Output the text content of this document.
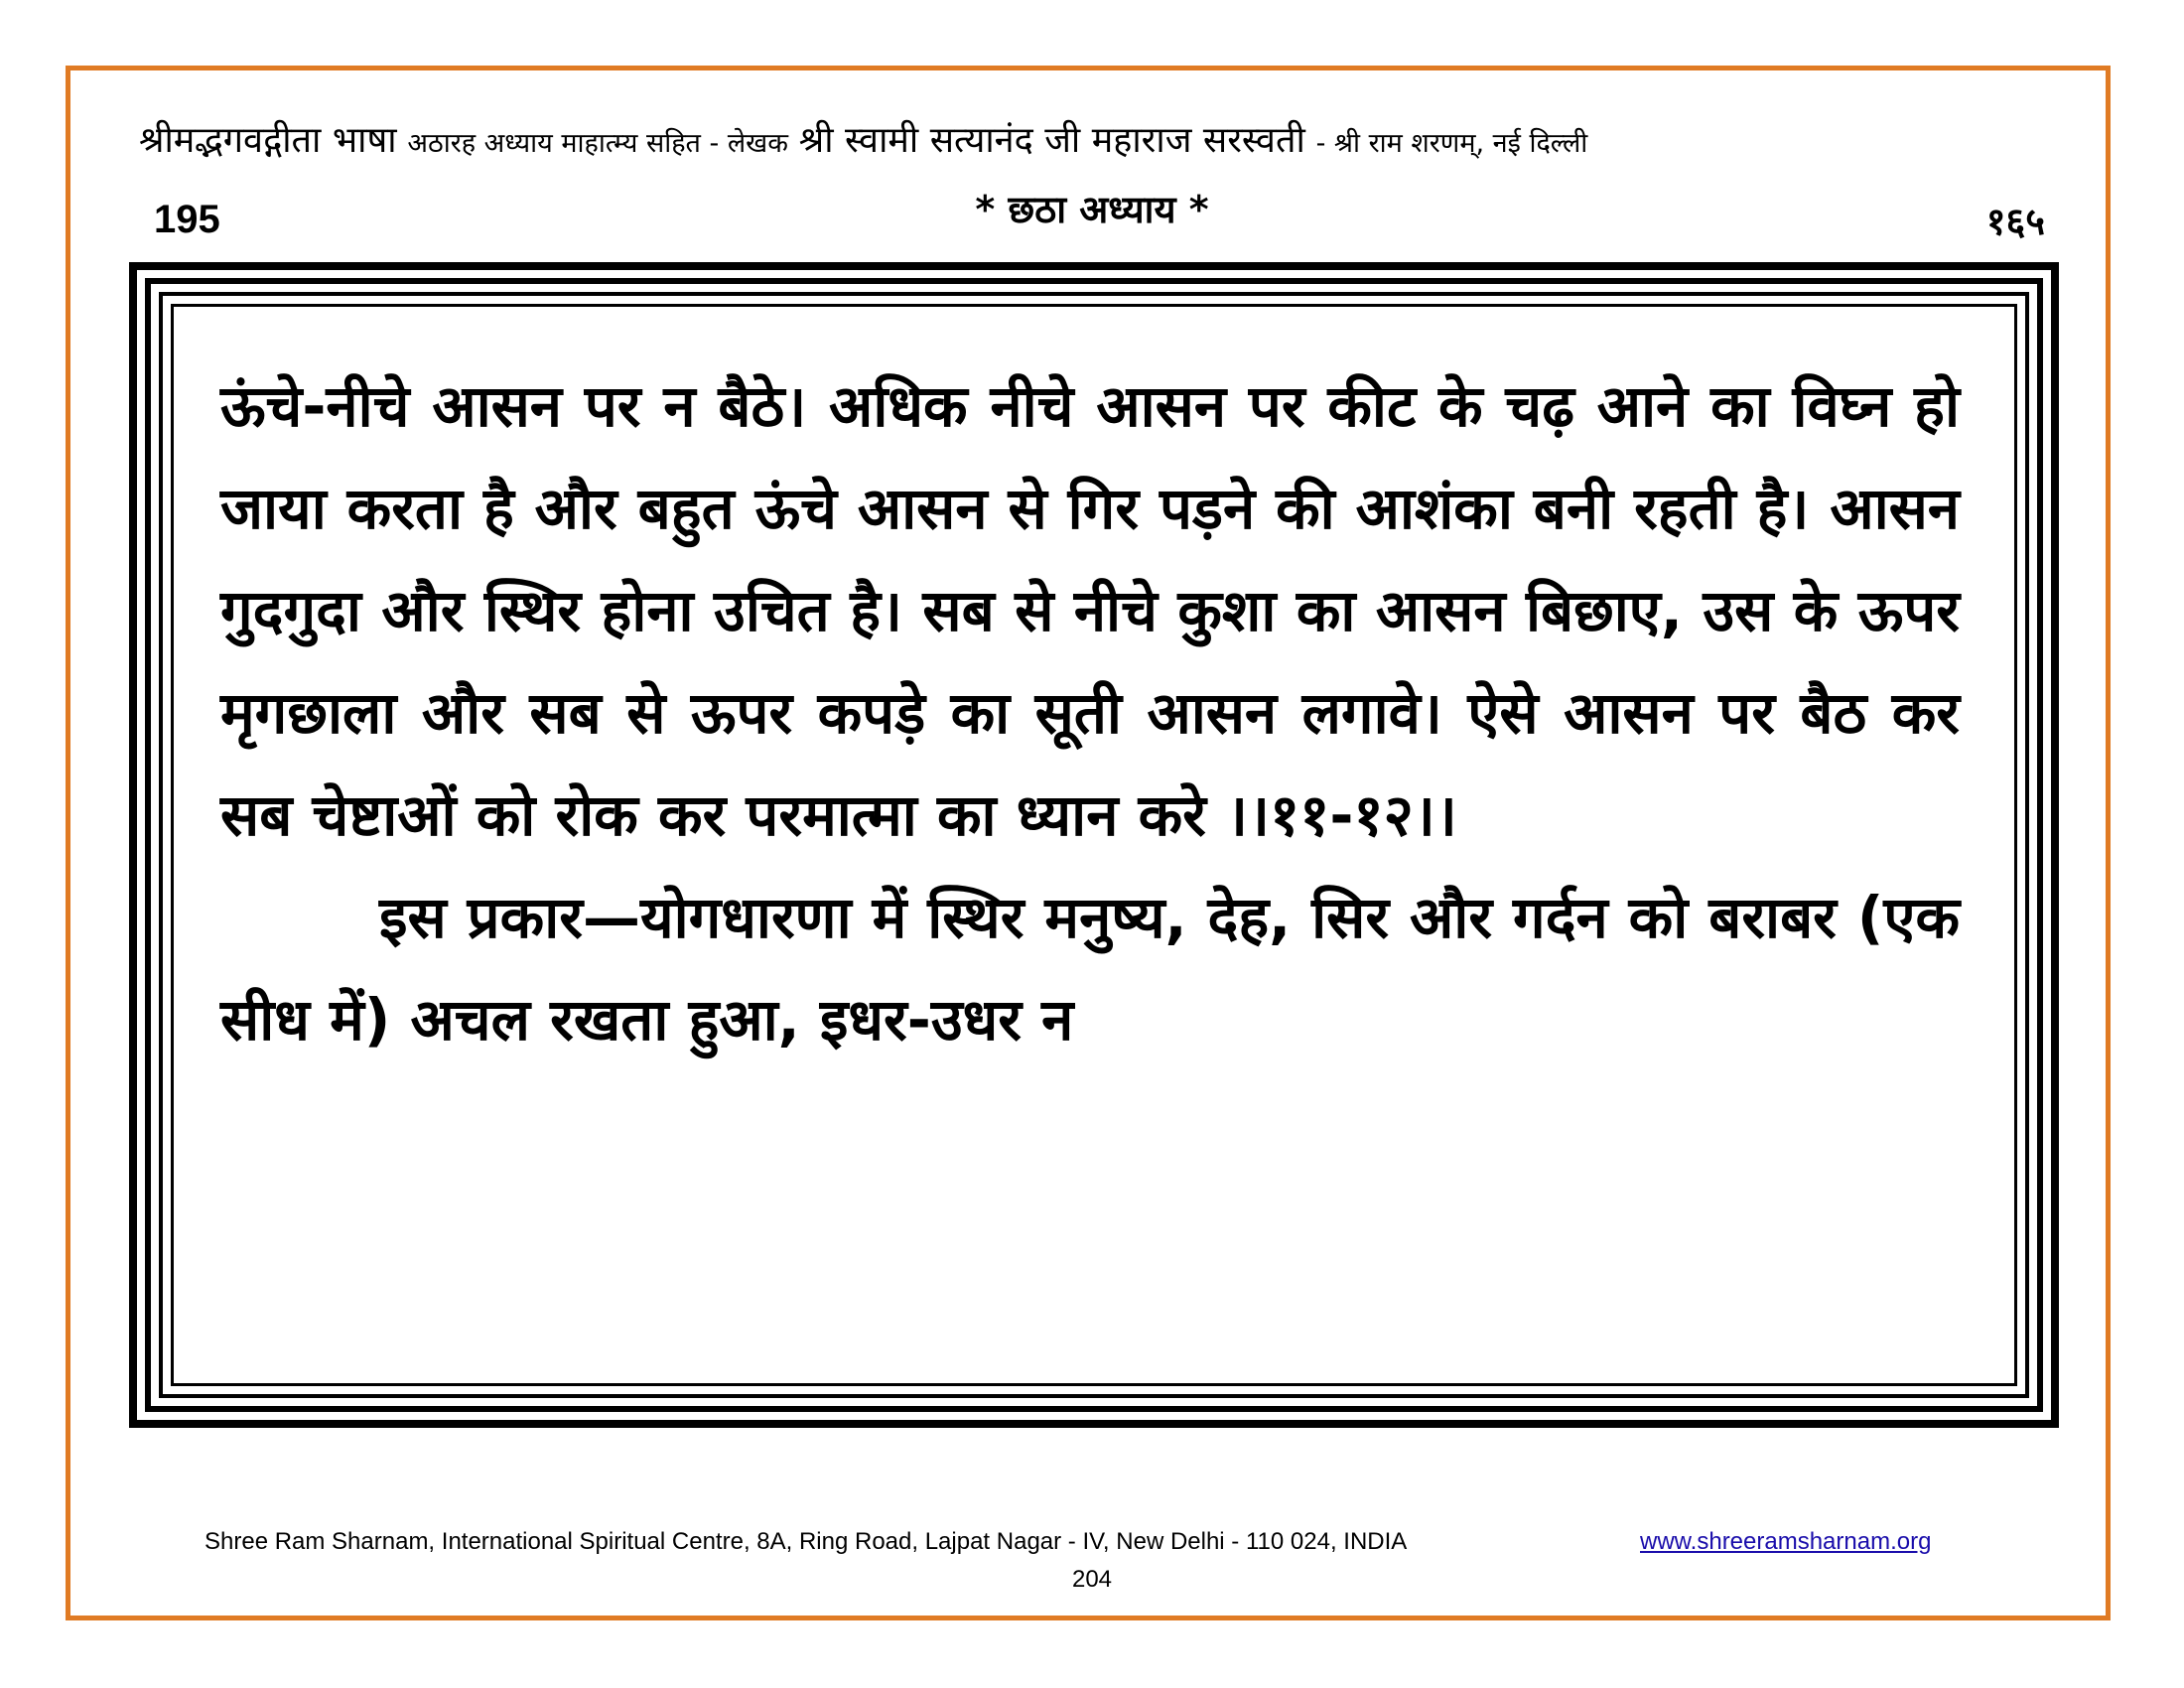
श्रीमद्भगवद्गीता भाषा अठारह अध्याय माहात्म्य सहित - लेखक श्री स्वामी सत्यानंद जी महाराज सरस्वती - श्री राम शरणम्, नई दिल्ली
195	* छठा अध्याय *	१६५

ऊंचे-नीचे आसन पर न बैठे। अधिक नीचे आसन पर कीट के चढ़ आने का विघ्न हो जाया करता है और बहुत ऊंचे आसन से गिर पड़ने की आशंका बनी रहती है। आसन गुदगुदा और स्थिर होना उचित है। सब से नीचे कुशा का आसन बिछाए, उस के ऊपर मृगछाला और सब से ऊपर कपड़े का सूती आसन लगावे। ऐसे आसन पर बैठ कर सब चेष्टाओं को रोक कर परमात्मा का ध्यान करे ।।११-१२।।

इस प्रकार—योगधारणा में स्थिर मनुष्य, देह, सिर और गर्दन को बराबर (एक सीध में) अचल रखता हुआ, इधर-उधर न

Shree Ram Sharnam, International Spiritual Centre, 8A, Ring Road, Lajpat Nagar - IV, New Delhi - 110 024, INDIA	www.shreeramsharnam.org
204
